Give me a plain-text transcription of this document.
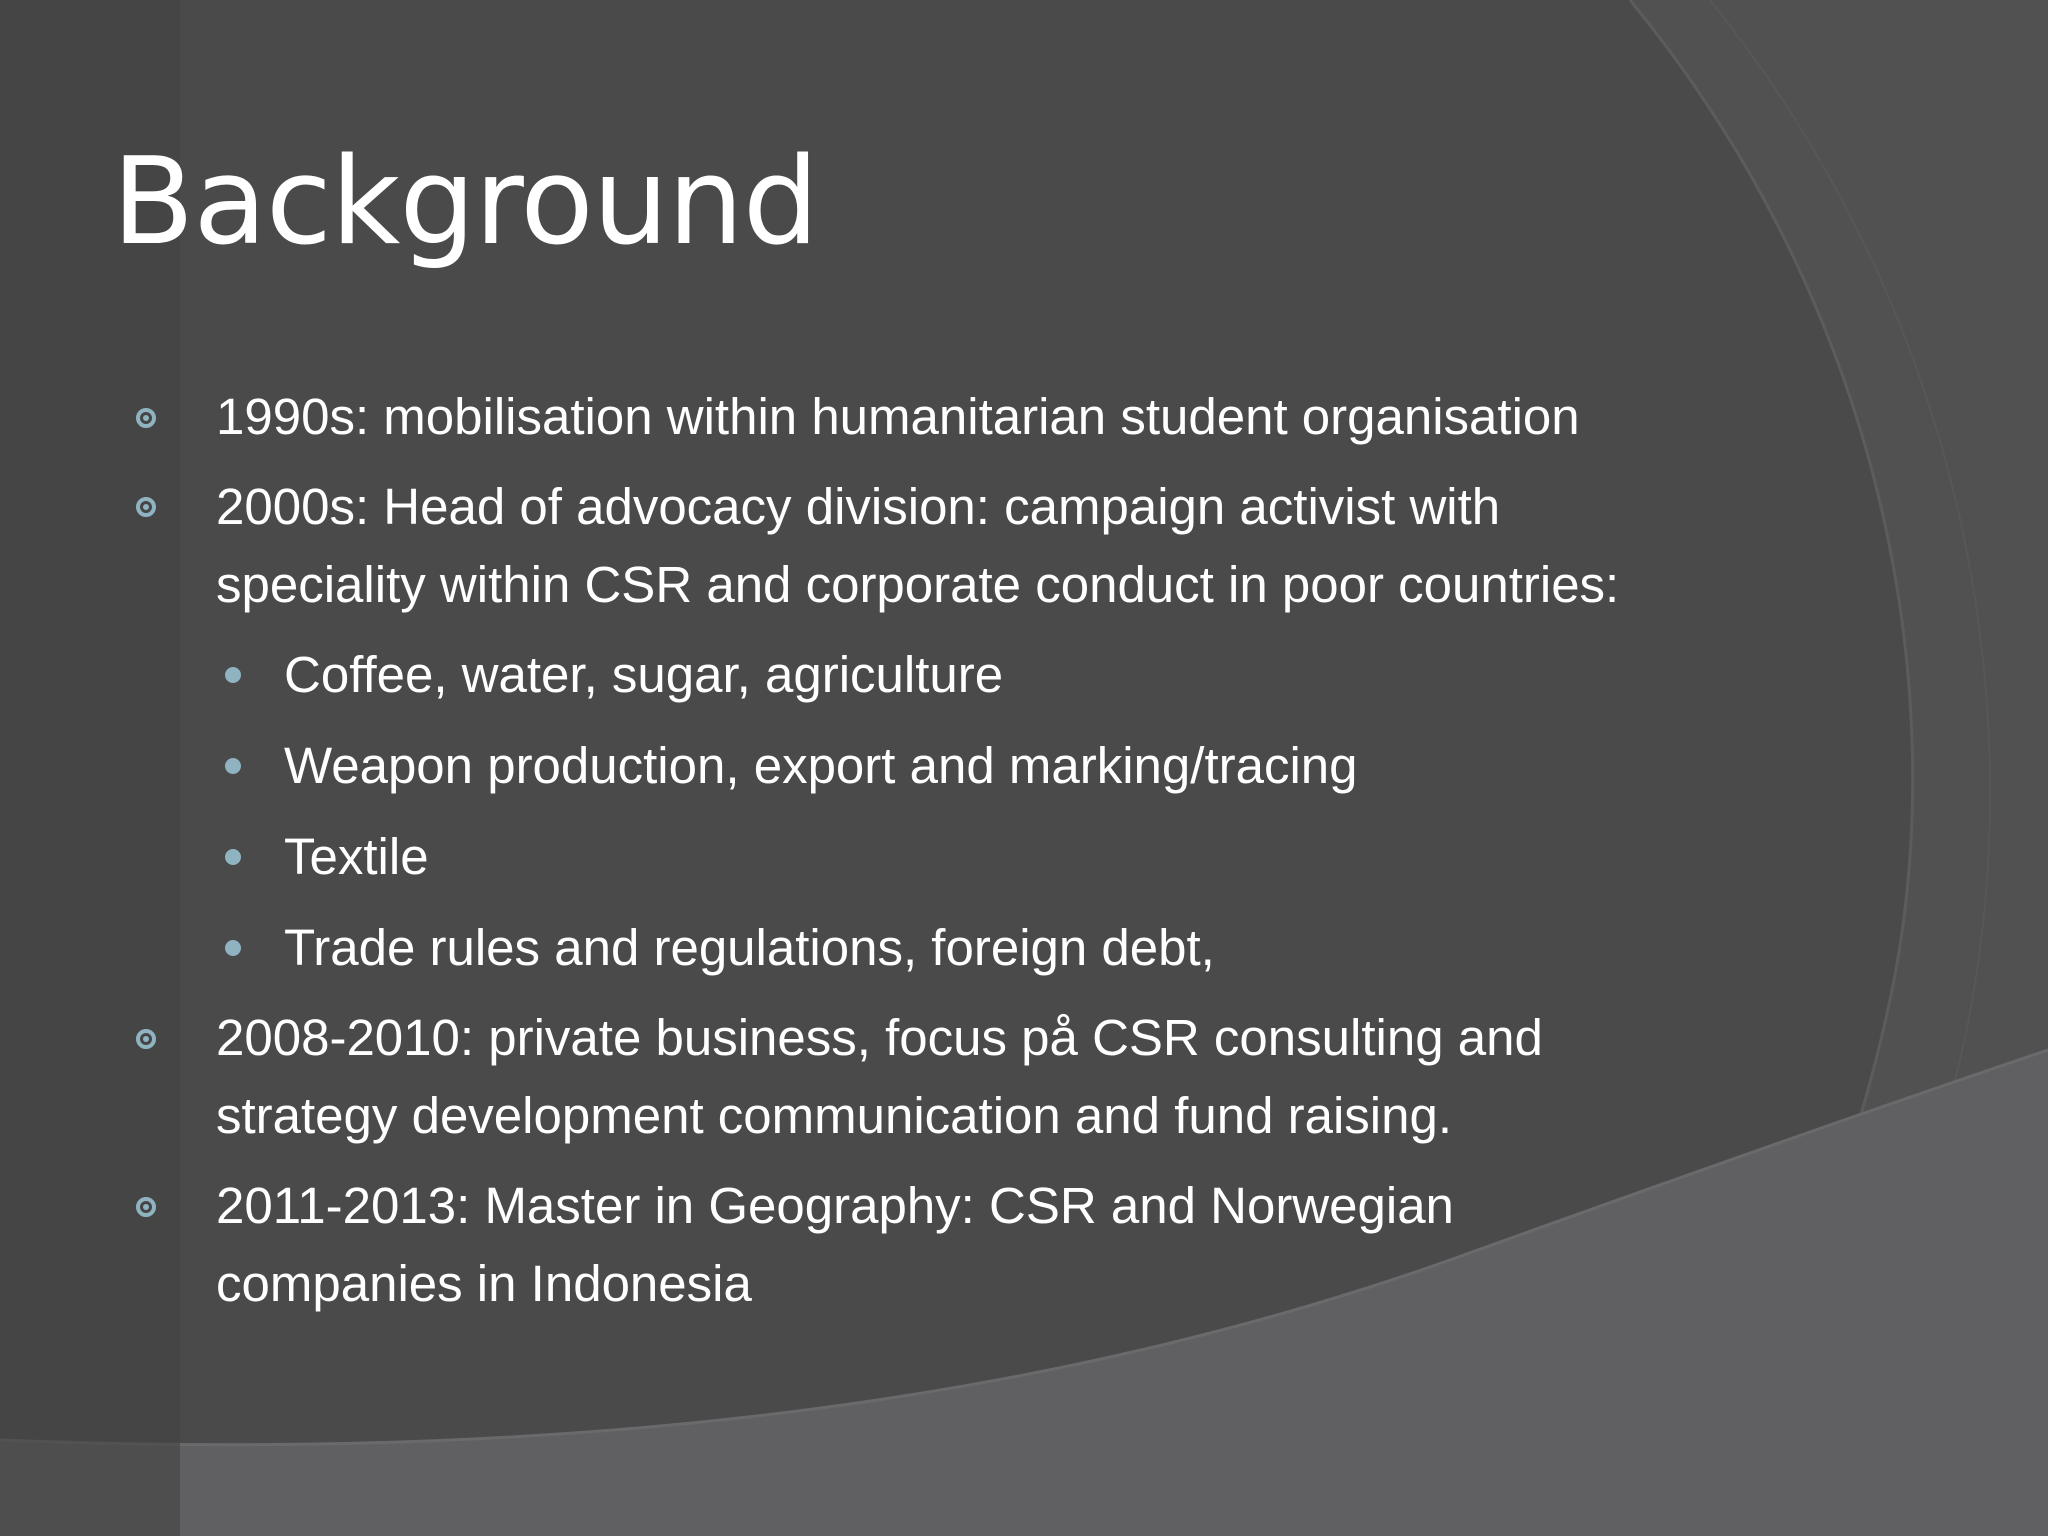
Background
1990s: mobilisation within humanitarian student organisation
2000s: Head of advocacy division: campaign activist with
speciality within CSR and corporate conduct in poor countries:
Coffee, water, sugar, agriculture
Weapon production, export and marking/tracing
Textile
Trade rules and regulations, foreign debt,
2008-2010: private business, focus på CSR consulting and
strategy development communication and fund raising.
2011-2013: Master in Geography: CSR and Norwegian
companies in Indonesia
